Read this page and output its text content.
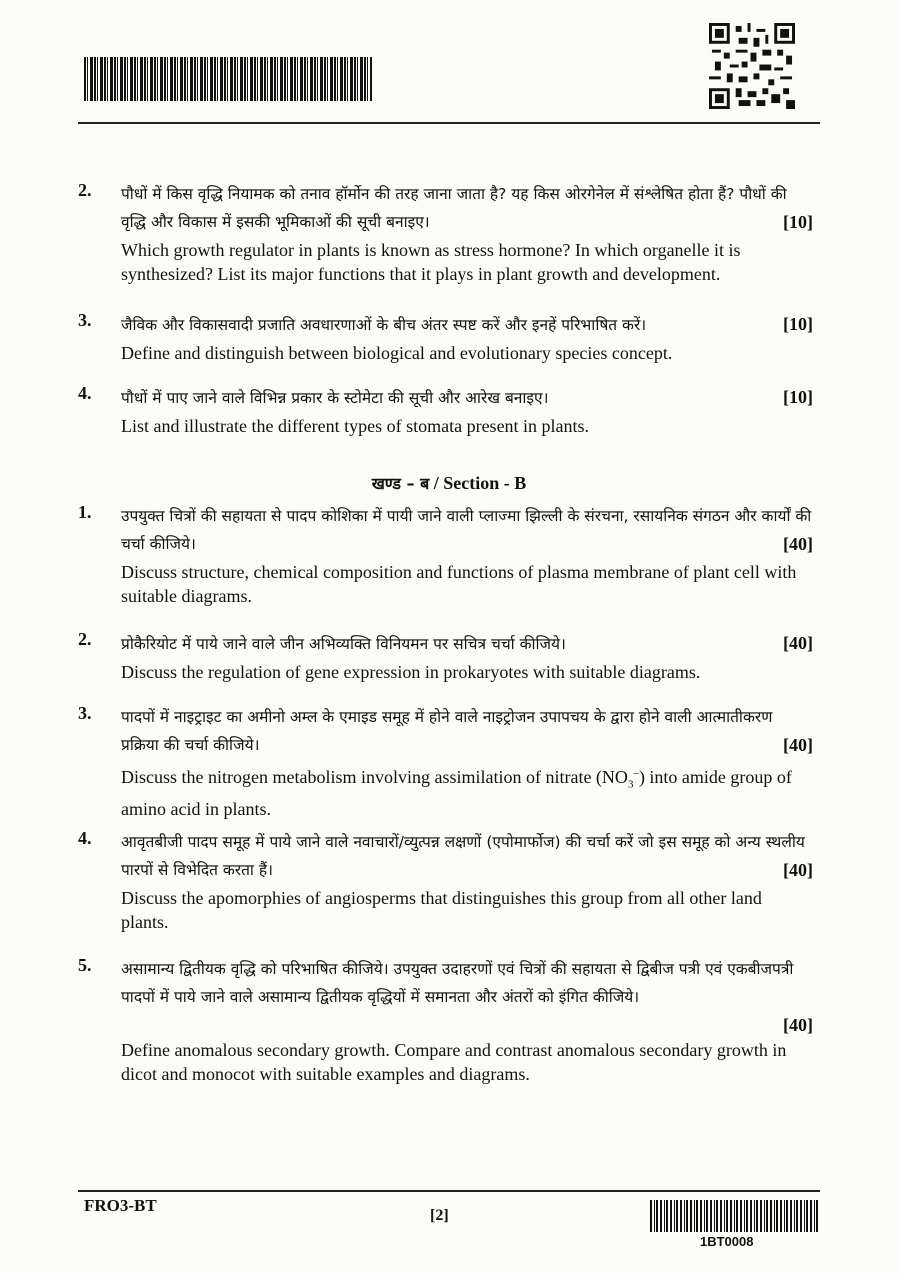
2. पौधों में किस वृद्धि नियामक को तनाव हॉर्मोन की तरह जाना जाता है? यह किस ओरगेनेल में संश्लेषित होता हैं? पौधों की वृद्धि और विकास में इसकी भूमिकाओं की सूची बनाइए।	[10]
Which growth regulator in plants is known as stress hormone? In which organelle it is synthesized? List its major functions that it plays in plant growth and development.
3. जैविक और विकासवादी प्रजाति अवधारणाओं के बीच अंतर स्पष्ट करें और इनहें परिभाषित करें।	[10]
Define and distinguish between biological and evolutionary species concept.
4. पौधों में पाए जाने वाले विभिन्न प्रकार के स्टोमेटा की सूची और आरेख बनाइए।	[10]
List and illustrate the different types of stomata present in plants.
खण्ड – ब / Section - B
1. उपयुक्त चित्रों की सहायता से पादप कोशिका में पायी जाने वाली प्लाज्मा झिल्ली के संरचना, रसायनिक संगठन और कार्यों की चर्चा कीजिये।	[40]
Discuss structure, chemical composition and functions of plasma membrane of plant cell with suitable diagrams.
2. प्रोकैरियोट में पाये जाने वाले जीन अभिव्यक्ति विनियमन पर सचित्र चर्चा कीजिये।	[40]
Discuss the regulation of gene expression in prokaryotes with suitable diagrams.
3. पादपों में नाइट्राइट का अमीनो अम्ल के एमाइड समूह में होने वाले नाइट्रोजन उपापचय के द्वारा होने वाली आत्मातीकरण प्रक्रिया की चर्चा कीजिये।	[40]
Discuss the nitrogen metabolism involving assimilation of nitrate $(NO_3^-)$ into amide group of amino acid in plants.
4. आवृतबीजी पादप समूह में पाये जाने वाले नवाचारों/व्युत्पन्न लक्षणों (एपोमार्फोज) की चर्चा करें जो इस समूह को अन्य स्थलीय पारपों से विभेदित करता हैं।	[40]
Discuss the apomorphies of angiosperms that distinguishes this group from all other land plants.
5. असामान्य द्वितीयक वृद्धि को परिभाषित कीजिये। उपयुक्त उदाहरणों एवं चित्रों की सहायता से द्विबीज पत्री एवं एकबीजपत्री पादपों में पाये जाने वाले असामान्य द्वितीयक वृद्धियों में समानता और अंतरों को इंगित कीजिये।
[40]
Define anomalous secondary growth. Compare and contrast anomalous secondary growth in dicot and monocot with suitable examples and diagrams.
FRO3-BT
[2]
1BT0008
